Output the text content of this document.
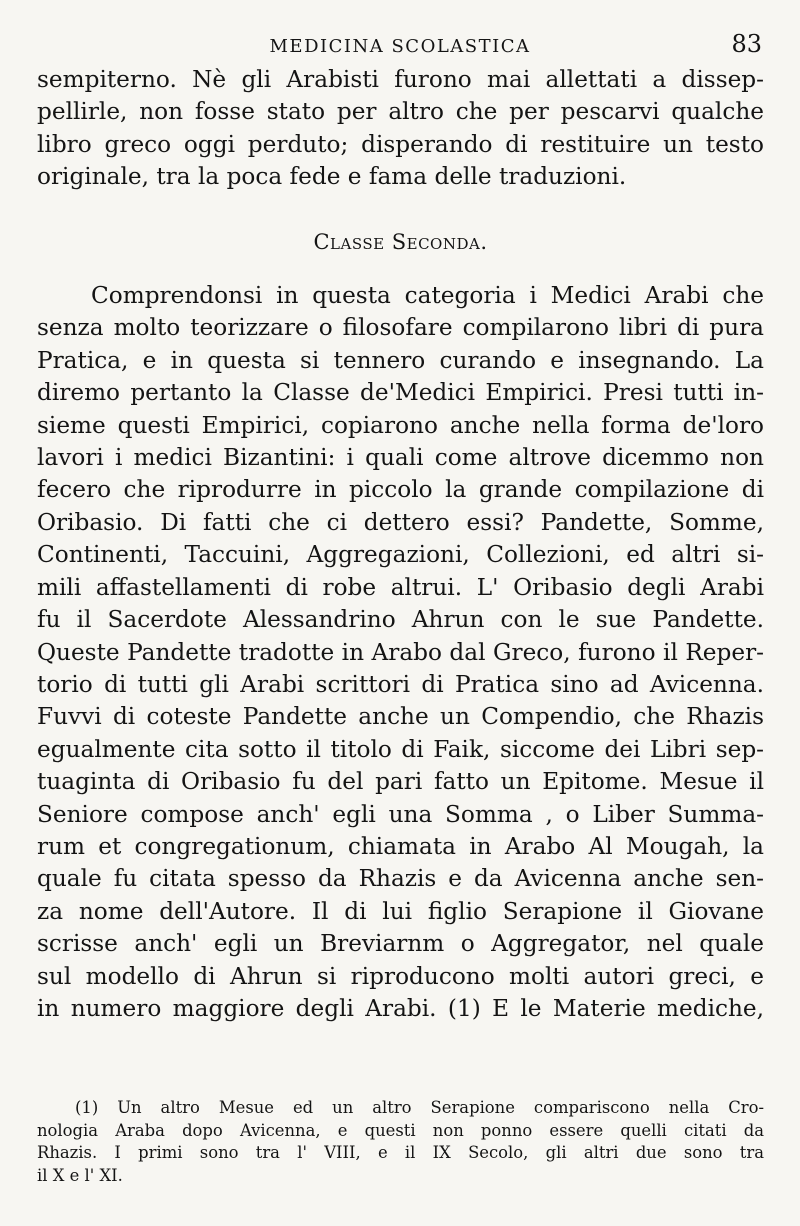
MEDICINA SCOLASTICA	83
sempiterno. Nè gli Arabisti furono mai allettati a dissep-
pellirle, non fosse stato per altro che per pescarvi qualche
libro greco oggi perduto; disperando di restituire un testo
originale, tra la poca fede e fama delle traduzioni.
Classe Seconda.
Comprendonsi in questa categoria i Medici Arabi che
senza molto teorizzare o filosofare compilarono libri di pura
Pratica, e in questa si tennero curando e insegnando. La
diremo pertanto la Classe de'Medici Empirici. Presi tutti in-
sieme questi Empirici, copiarono anche nella forma de'loro
lavori i medici Bizantini: i quali come altrove dicemmo non
fecero che riprodurre in piccolo la grande compilazione di
Oribasio. Di fatti che ci dettero essi? Pandette, Somme,
Continenti, Taccuini, Aggregazioni, Collezioni, ed altri si-
mili affastellamenti di robe altrui. L' Oribasio degli Arabi
fu il Sacerdote Alessandrino Ahrun con le sue Pandette.
Queste Pandette tradotte in Arabo dal Greco, furono il Reper-
torio di tutti gli Arabi scrittori di Pratica sino ad Avicenna.
Fuvvi di coteste Pandette anche un Compendio, che Rhazis
egualmente cita sotto il titolo di Faik, siccome dei Libri sep-
tuaginta di Oribasio fu del pari fatto un Epitome. Mesue il
Seniore compose anch' egli una Somma , o Liber Summa-
rum et congregationum, chiamata in Arabo Al Mougah, la
quale fu citata spesso da Rhazis e da Avicenna anche sen-
za nome dell'Autore. Il di lui figlio Serapione il Giovane
scrisse anch' egli un Breviarnm o Aggregator, nel quale
sul modello di Ahrun si riproducono molti autori greci, e
in numero maggiore degli Arabi. (1) E le Materie mediche,
(1) Un altro Mesue ed un altro Serapione compariscono nella Cro-
nologia Araba dopo Avicenna, e questi non ponno essere quelli citati da
Rhazis. I primi sono tra l' VIII, e il IX Secolo, gli altri due sono tra
il X e l' XI.
